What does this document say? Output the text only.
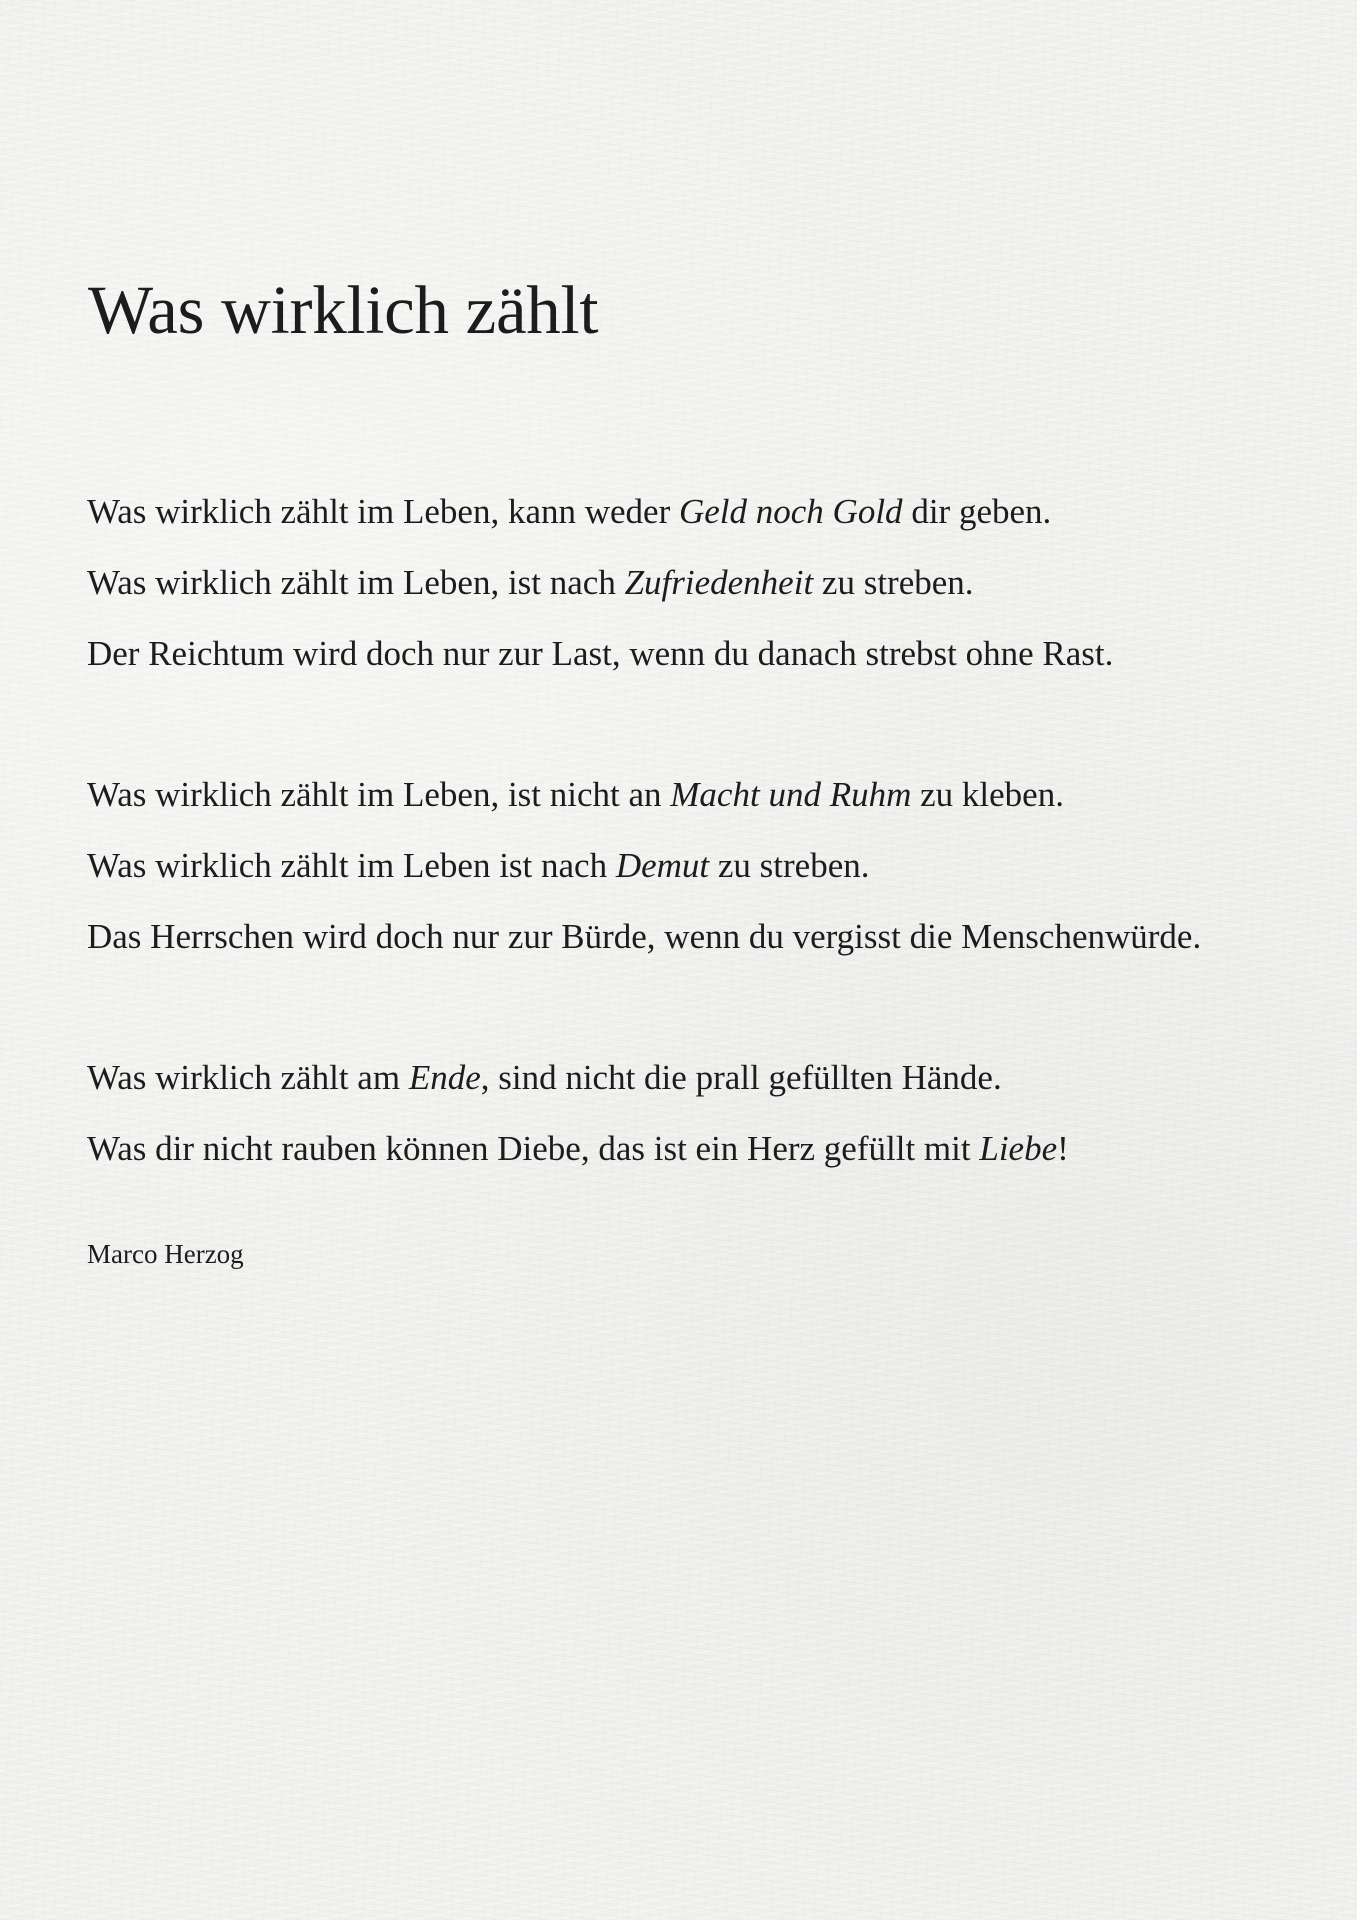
Was wirklich zählt
Was wirklich zählt im Leben, kann weder Geld noch Gold dir geben.
Was wirklich zählt im Leben, ist nach Zufriedenheit zu streben.
Der Reichtum wird doch nur zur Last, wenn du danach strebst ohne Rast.
Was wirklich zählt im Leben, ist nicht an Macht und Ruhm zu kleben.
Was wirklich zählt im Leben ist nach Demut zu streben.
Das Herrschen wird doch nur zur Bürde, wenn du vergisst die Menschenwürde.
Was wirklich zählt am Ende, sind nicht die prall gefüllten Hände.
Was dir nicht rauben können Diebe, das ist ein Herz gefüllt mit Liebe!
Marco Herzog
